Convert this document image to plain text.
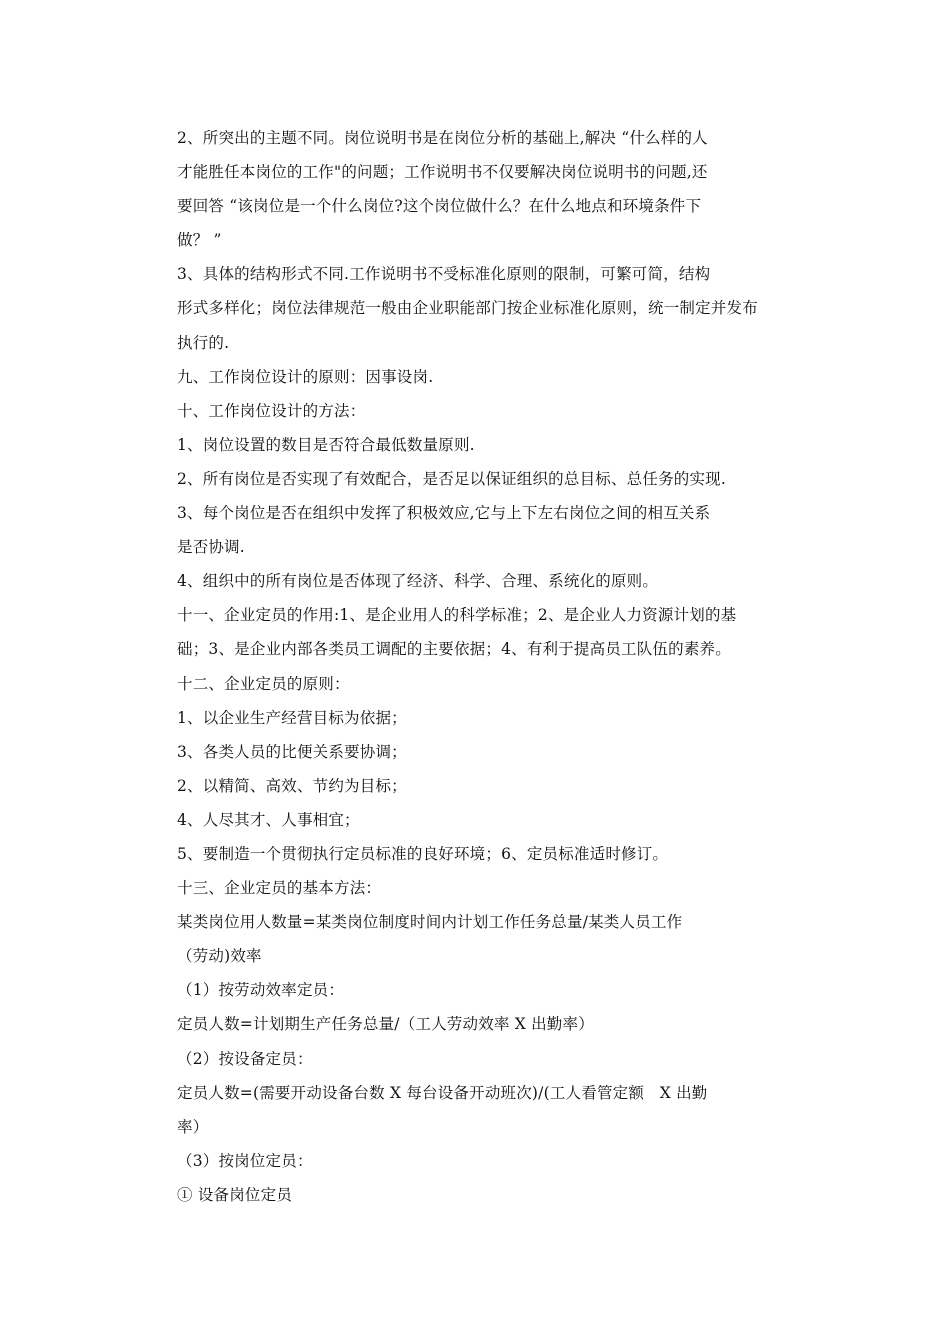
2、所突出的主题不同。岗位说明书是在岗位分析的基础上,解决 “什么样的人
才能胜任本岗位的工作"的问题；工作说明书不仅要解决岗位说明书的问题,还
要回答 “该岗位是一个什么岗位?这个岗位做什么？在什么地点和环境条件下
做？ ”
3、具体的结构形式不同.工作说明书不受标准化原则的限制，可繁可简，结构
形式多样化；岗位法律规范一般由企业职能部门按企业标准化原则，统一制定并发布
执行的.
九、工作岗位设计的原则：因事设岗.
十、工作岗位设计的方法：
1、岗位设置的数目是否符合最低数量原则.
2、所有岗位是否实现了有效配合，是否足以保证组织的总目标、总任务的实现.
3、每个岗位是否在组织中发挥了积极效应,它与上下左右岗位之间的相互关系
是否协调.
4、组织中的所有岗位是否体现了经济、科学、合理、系统化的原则。
十一、企业定员的作用:1、是企业用人的科学标准；2、是企业人力资源计划的基
础；3、是企业内部各类员工调配的主要依据；4、有利于提高员工队伍的素养。
十二、企业定员的原则：
1、以企业生产经营目标为依据；
3、各类人员的比便关系要协调；
2、以精简、高效、节约为目标；
4、人尽其才、人事相宜；
5、要制造一个贯彻执行定员标准的良好环境；6、定员标准适时修订。
十三、企业定员的基本方法：
某类岗位用人数量=某类岗位制度时间内计划工作任务总量/某类人员工作
（劳动)效率
（1）按劳动效率定员：
定员人数=计划期生产任务总量/（工人劳动效率 X 出勤率）
（2）按设备定员：
定员人数=(需要开动设备台数 X 每台设备开动班次)/(工人看管定额　X 出勤
率）
（3）按岗位定员：
① 设备岗位定员
